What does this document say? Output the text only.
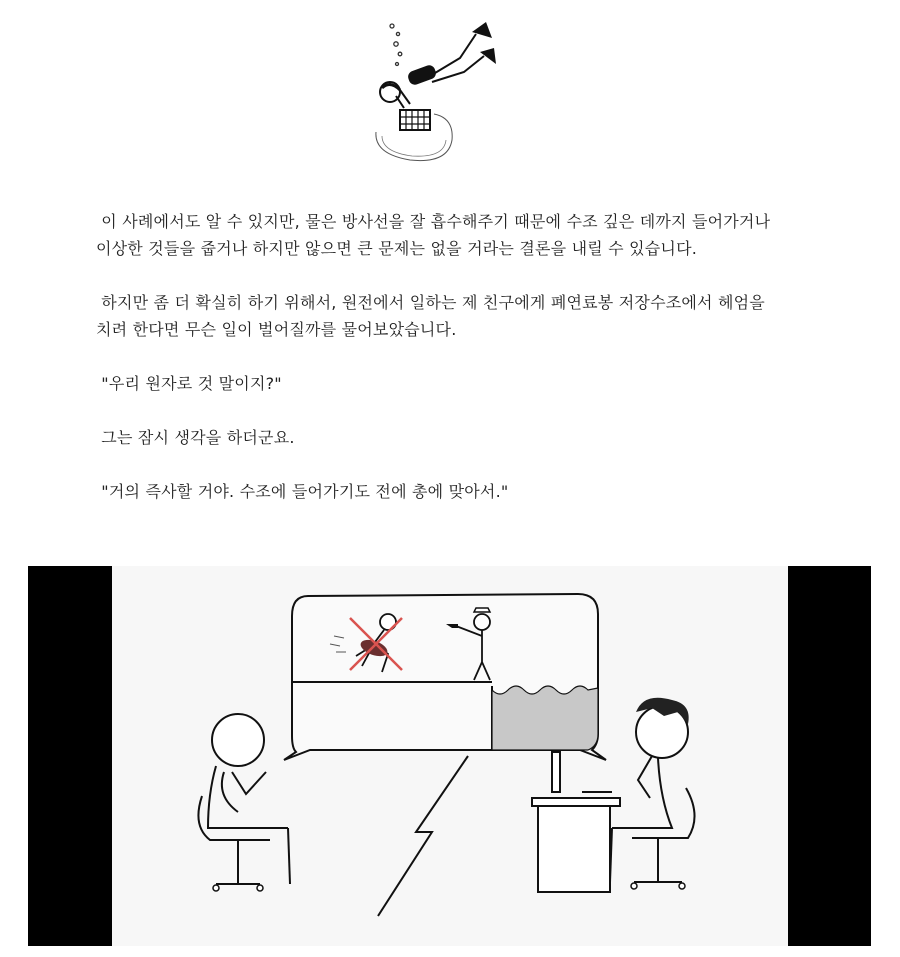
이 사례에서도 알 수 있지만, 물은 방사선을 잘 흡수해주기 때문에 수조 깊은 데까지 들어가거나 이상한 것들을 줍거나 하지만 않으면 큰 문제는 없을 거라는 결론을 내릴 수 있습니다.

하지만 좀 더 확실히 하기 위해서, 원전에서 일하는 제 친구에게 폐연료봉 저장수조에서 헤엄을 치려 한다면 무슨 일이 벌어질까를 물어보았습니다.

"우리 원자로 것 말이지?"

그는 잠시 생각을 하더군요.

"거의 즉사할 거야. 수조에 들어가기도 전에 총에 맞아서."
